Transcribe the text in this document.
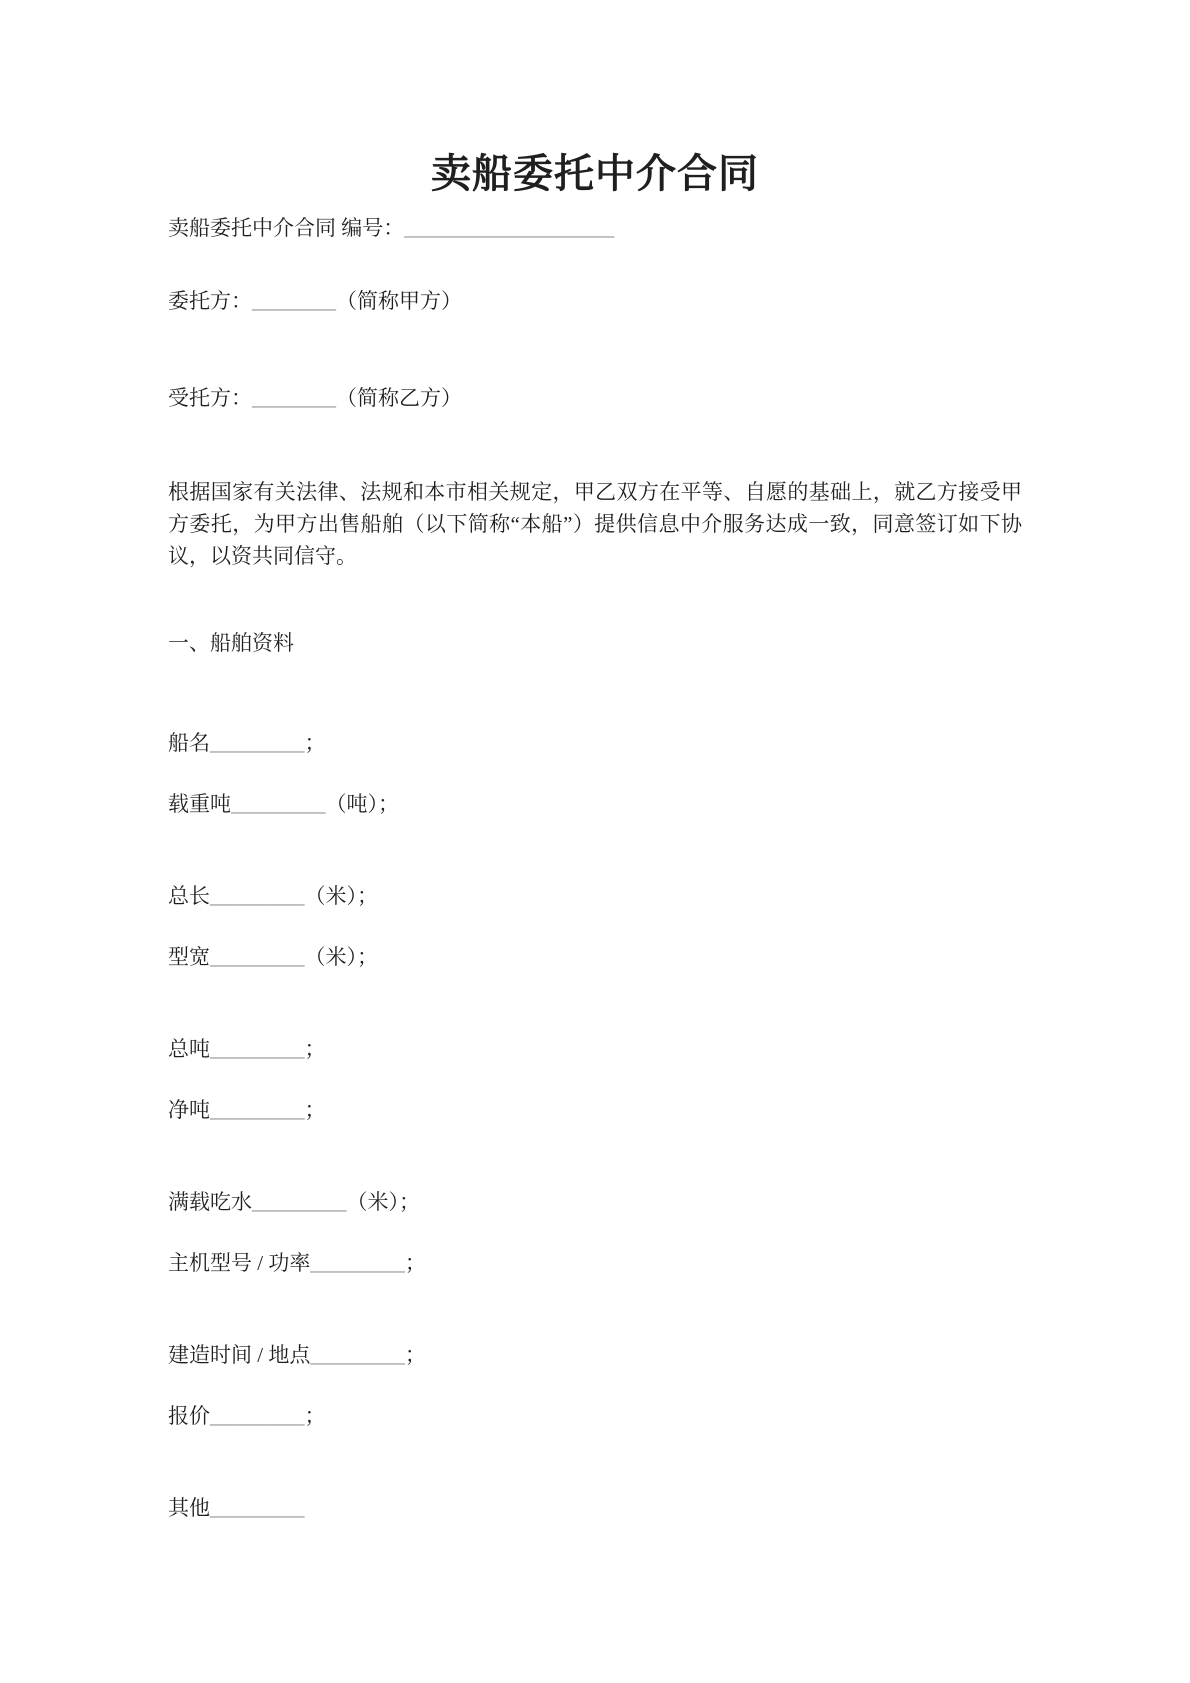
卖船委托中介合同

卖船委托中介合同 编号：____________________

委托方：________（简称甲方）

受托方：________（简称乙方）

根据国家有关法律、法规和本市相关规定，甲乙双方在平等、自愿的基础上，就乙方接受甲方委托，为甲方出售船舶（以下简称“本船”）提供信息中介服务达成一致，同意签订如下协议，以资共同信守。

一、船舶资料

船名_________；

载重吨_________（吨）；

总长_________（米）；

型宽_________（米）；

总吨_________；

净吨_________；

满载吃水_________（米）；

主机型号 / 功率_________；

建造时间 / 地点_________；

报价_________；

其他_________
